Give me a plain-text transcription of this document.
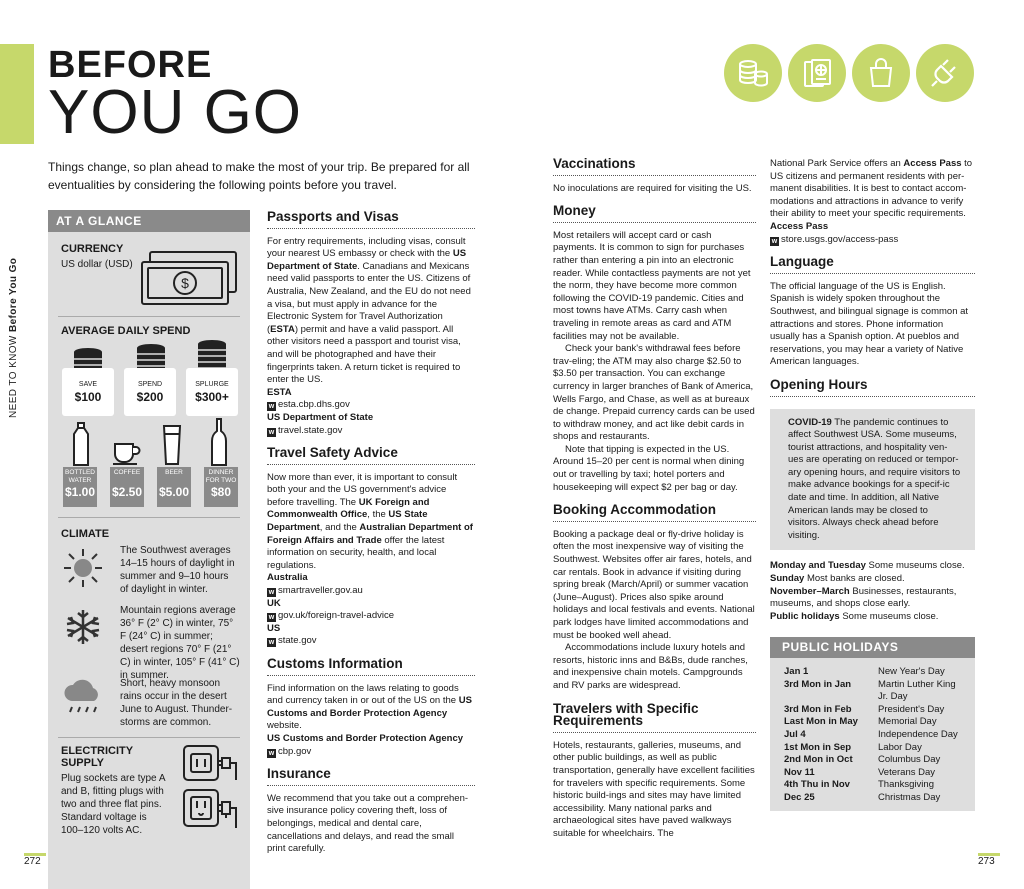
NEED TO KNOW Before You Go
BEFORE
YOU GO
Things change, so plan ahead to make the most of your trip. Be prepared for all eventualities by considering the following points before you travel.
AT A GLANCE
CURRENCY
US dollar (USD)
$
AVERAGE DAILY SPEND
SAVE
$100
SPEND
$200
SPLURGE
$300+
BOTTLED
WATER
$1.00
COFFEE
$2.50
BEER
$5.00
DINNER
FOR TWO
$80
CLIMATE
The Southwest averages 14–15 hours of daylight in summer and 9–10 hours of daylight in winter.
Mountain regions average 36° F (2° C) in winter, 75° F (24° C) in summer; desert regions 70° F (21° C) in winter, 105° F (41° C) in summer.
Short, heavy monsoon rains occur in the desert June to August. Thunder-storms are common.
ELECTRICITY
SUPPLY
Plug sockets are type A and B, fitting plugs with two and three flat pins. Standard voltage is 100–120 volts AC.
Passports and Visas

For entry requirements, including visas, consult your nearest US embassy or check with the US Department of State. Canadians and Mexicans need valid passports to enter the US. Citizens of Australia, New Zealand, and the EU do not need a visa, but must apply in advance for the Electronic System for Travel Authorization (ESTA) permit and have a valid passport. All other visitors need a passport and tourist visa, and will be photographed and have their fingerprints taken. A return ticket is required to enter the US.

ESTA

w esta.cbp.dhs.gov

US Department of State

w travel.state.gov

Travel Safety Advice

Now more than ever, it is important to consult both your and the US government's advice before travelling. The UK Foreign and Commonwealth Office, the US State Department, and the Australian Department of Foreign Affairs and Trade offer the latest information on security, health, and local regulations.

Australia

w smartraveller.gov.au

UK

w gov.uk/foreign-travel-advice

US

w state.gov

Customs Information

Find information on the laws relating to goods and currency taken in or out of the US on the US Customs and Border Protection Agency website.

US Customs and Border Protection Agency

w cbp.gov

Insurance

We recommend that you take out a comprehen-sive insurance policy covering theft, loss of belongings, medical and dental care, cancellations and delays, and read the small print carefully.

Vaccinations

No inoculations are required for visiting the US.

Money

Most retailers will accept card or cash payments. It is common to sign for purchases rather than entering a pin into an electronic reader. While contactless payments are not yet the norm, they have become more common following the COVID-19 pandemic. Cities and most towns have ATMs. Carry cash when traveling in remote areas as card and ATM facilities may not be available.

Check your bank's withdrawal fees before trav-eling; the ATM may also charge $2.50 to $3.50 per transaction. You can exchange currency in larger branches of Bank of America, Wells Fargo, and Chase, as well as at bureaux de change. Prepaid currency cards can be used to withdraw money, and act like debit cards in shops and restaurants.

Note that tipping is expected in the US. Around 15–20 per cent is normal when dining out or travelling by taxi; hotel porters and housekeeping will expect $2 per bag or day.

Booking Accommodation

Booking a package deal or fly-drive holiday is often the most inexpensive way of visiting the Southwest. Websites offer air fares, hotels, and car rentals. Book in advance if visiting during spring break (March/April) or summer vacation (June–August). Prices also spike around holidays and local festivals and events. National park lodges have limited accommodations and must be booked well ahead.

Accommodations include luxury hotels and resorts, historic inns and B&Bs, dude ranches, and inexpensive chain motels. Campgrounds and RV parks are widespread.

Travelers with Specific Requirements

Hotels, restaurants, galleries, museums, and other public buildings, as well as public transportation, generally have excellent facilities for travelers with specific requirements. Some historic build-ings and sites may have limited accessibility. Many national parks and archaeological sites have paved walkways suitable for wheelchairs. The

National Park Service offers an Access Pass to US citizens and permanent residents with per-manent disabilities. It is best to contact accom-modations and attractions in advance to verify their ability to meet your specific requirements.

Access Pass

w store.usgs.gov/access-pass

Language

The official language of the US is English. Spanish is widely spoken throughout the Southwest, and bilingual signage is common at attractions and stores. Phone information usually has a Spanish option. At pueblos and reservations, you may hear a variety of Native American languages.

Opening Hours
COVID-19 The pandemic continues to affect Southwest USA. Some museums, tourist attractions, and hospitality ven-ues are operating on reduced or tempor-ary opening hours, and require visitors to make advance bookings for a specif-ic date and time. In addition, all Native American lands may be closed to visitors. Always check ahead before visiting.

Monday and Tuesday Some museums close.

Sunday Most banks are closed.

November–March Businesses, restaurants, museums, and shops close early.

Public holidays Some museums close.

PUBLIC HOLIDAYS
Jan 1	New Year's Day
3rd Mon in Jan	Martin Luther King Jr. Day
3rd Mon in Feb	President's Day
Last Mon in May	Memorial Day
Jul 4	Independence Day
1st Mon in Sep	Labor Day
2nd Mon in Oct	Columbus Day
Nov 11	Veterans Day
4th Thu in Nov	Thanksgiving
Dec 25	Christmas Day
272	273
